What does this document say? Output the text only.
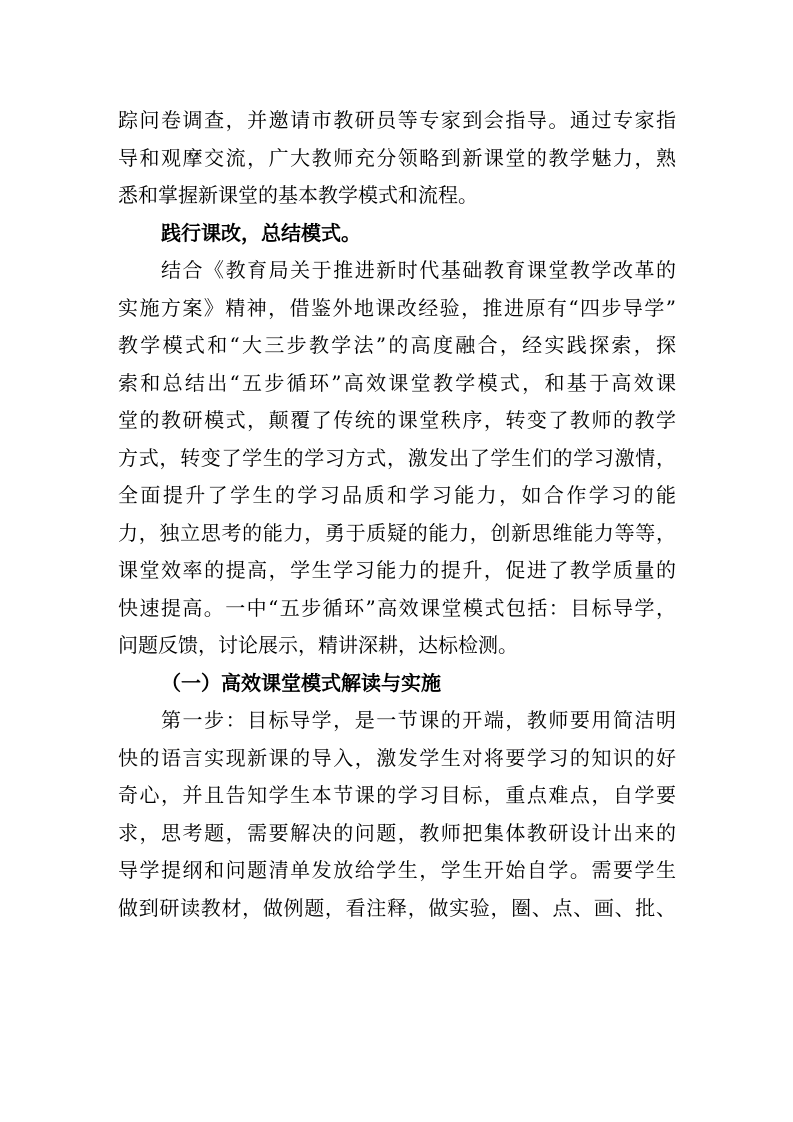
踪问卷调查，并邀请市教研员等专家到会指导。通过专家指
导和观摩交流，广大教师充分领略到新课堂的教学魅力，熟
悉和掌握新课堂的基本教学模式和流程。
践行课改，总结模式。
结合《教育局关于推进新时代基础教育课堂教学改革的
实施方案》精神，借鉴外地课改经验，推进原有“四步导学”
教学模式和“大三步教学法”的高度融合，经实践探索，探
索和总结出“五步循环”高效课堂教学模式，和基于高效课
堂的教研模式，颠覆了传统的课堂秩序，转变了教师的教学
方式，转变了学生的学习方式，激发出了学生们的学习激情，
全面提升了学生的学习品质和学习能力，如合作学习的能
力，独立思考的能力，勇于质疑的能力，创新思维能力等等，
课堂效率的提高，学生学习能力的提升，促进了教学质量的
快速提高。一中“五步循环”高效课堂模式包括：目标导学，
问题反馈，讨论展示，精讲深耕，达标检测。
（一）高效课堂模式解读与实施
第一步：目标导学，是一节课的开端，教师要用简洁明
快的语言实现新课的导入，激发学生对将要学习的知识的好
奇心，并且告知学生本节课的学习目标，重点难点，自学要
求，思考题，需要解决的问题，教师把集体教研设计出来的
导学提纲和问题清单发放给学生，学生开始自学。需要学生
做到研读教材，做例题，看注释，做实验，圈、点、画、批、
